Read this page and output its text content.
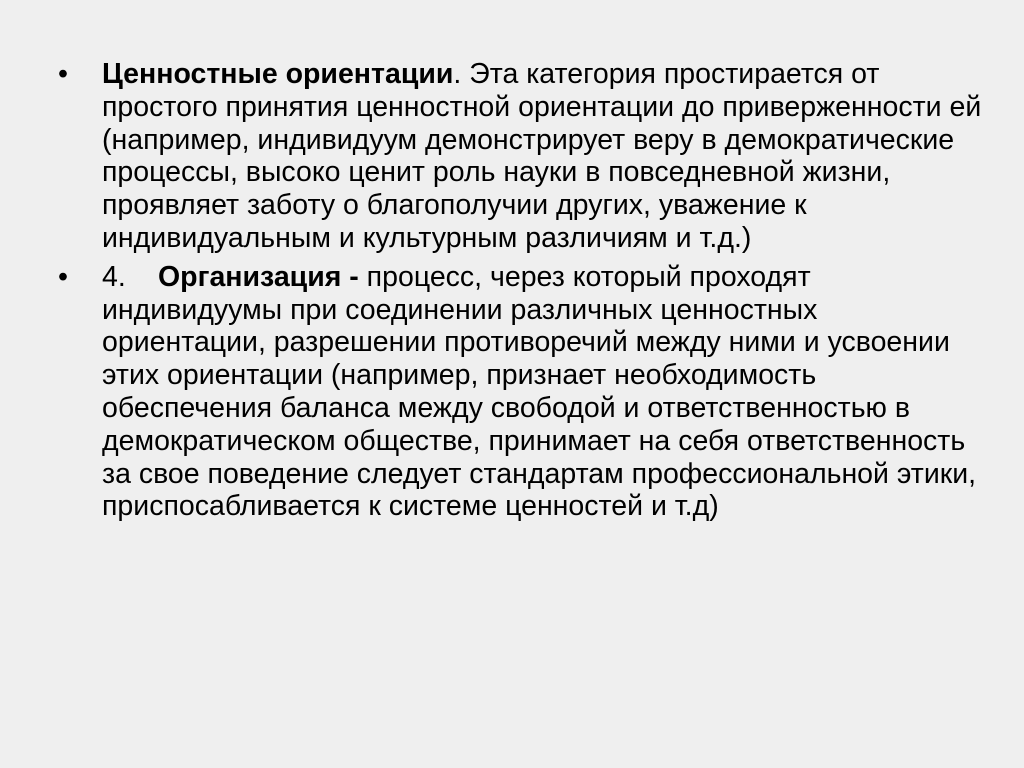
•	Ценностные ориентации. Эта категория простирается от простого принятия ценностной ориентации до приверженности ей (например, индивидуум демонстрирует веру в демократические процессы, высоко ценит роль науки в повседневной жизни, проявляет заботу о благополучии других, уважение к индивидуальным и культурным различиям и т.д.)
•	4. Организация - процесс, через который проходят индивидуумы при соединении различных ценностных ориентации, разрешении противоречий между ними и усвоении этих ориентации (например, признает необходимость обеспечения баланса между свободой и ответственностью в демократическом обществе, принимает на себя ответственность за свое поведение следует стандартам профессиональной этики, приспосабливается к системе ценностей и т.д)
